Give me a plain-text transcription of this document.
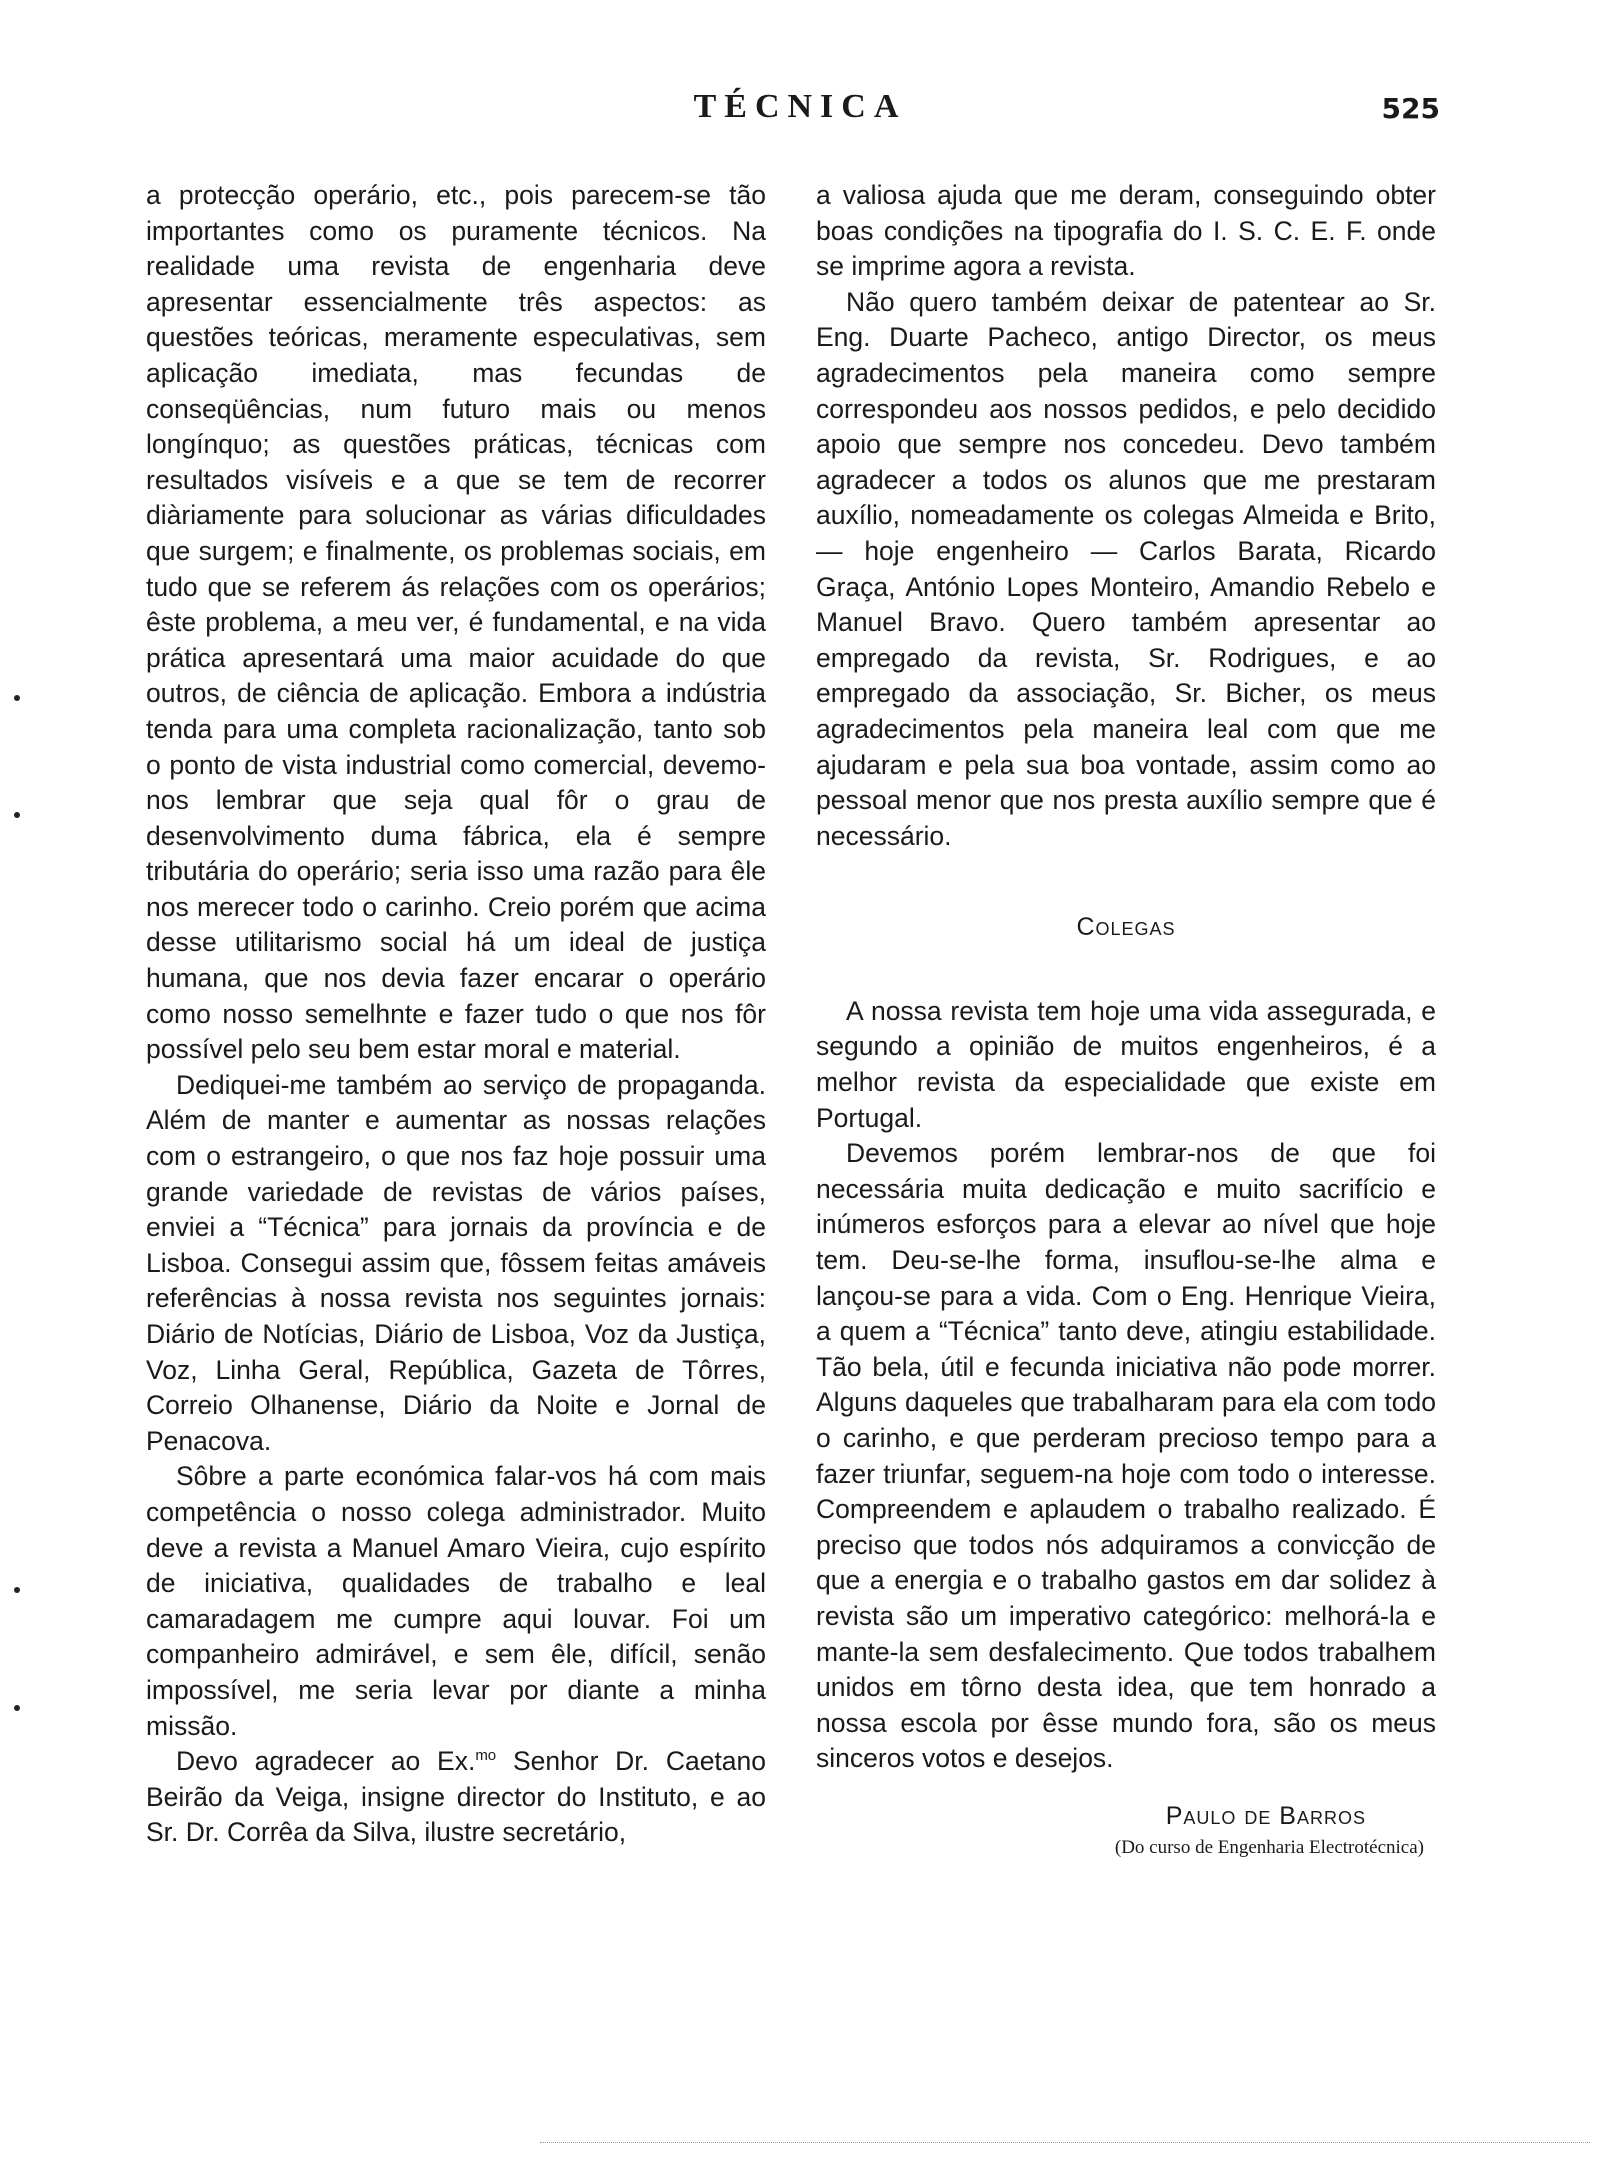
TÉCNICA	525

a protecção operário, etc., pois parecem-se tão importantes como os puramente técnicos. Na realidade uma revista de engenharia deve apresentar essencialmente três aspectos: as questões teóricas, meramente especulativas, sem aplicação imediata, mas fecundas de conseqüências, num futuro mais ou menos longínquo; as questões práticas, técnicas com resultados visíveis e a que se tem de recorrer diàriamente para solucionar as várias dificuldades que surgem; e finalmente, os problemas sociais, em tudo que se referem ás relações com os operários; êste problema, a meu ver, é fundamental, e na vida prática apresentará uma maior acuidade do que outros, de ciência de aplicação. Embora a indústria tenda para uma completa racionalização, tanto sob o ponto de vista industrial como comercial, devemo-nos lembrar que seja qual fôr o grau de desenvolvimento duma fábrica, ela é sempre tributária do operário; seria isso uma razão para êle nos merecer todo o carinho. Creio porém que acima desse utilitarismo social há um ideal de justiça humana, que nos devia fazer encarar o operário como nosso semelhnte e fazer tudo o que nos fôr possível pelo seu bem estar moral e material.

Dediquei-me também ao serviço de propaganda. Além de manter e aumentar as nossas relações com o estrangeiro, o que nos faz hoje possuir uma grande variedade de revistas de vários países, enviei a “Técnica” para jornais da província e de Lisboa. Consegui assim que, fôssem feitas amáveis referências à nossa revista nos seguintes jornais: Diário de Notícias, Diário de Lisboa, Voz da Justiça, Voz, Linha Geral, República, Gazeta de Tôrres, Correio Olhanense, Diário da Noite e Jornal de Penacova.

Sôbre a parte económica falar-vos há com mais competência o nosso colega administrador. Muito deve a revista a Manuel Amaro Vieira, cujo espírito de iniciativa, qualidades de trabalho e leal camaradagem me cumpre aqui louvar. Foi um companheiro admirável, e sem êle, difícil, senão impossível, me seria levar por diante a minha missão.

Devo agradecer ao Ex.$^{mo}$ Senhor Dr. Caetano Beirão da Veiga, insigne director do Instituto, e ao Sr. Dr. Corrêa da Silva, ilustre secretário,

a valiosa ajuda que me deram, conseguindo obter boas condições na tipografia do I. S. C. E. F. onde se imprime agora a revista.

Não quero também deixar de patentear ao Sr. Eng. Duarte Pacheco, antigo Director, os meus agradecimentos pela maneira como sempre correspondeu aos nossos pedidos, e pelo decidido apoio que sempre nos concedeu. Devo também agradecer a todos os alunos que me prestaram auxílio, nomeadamente os colegas Almeida e Brito, — hoje engenheiro — Carlos Barata, Ricardo Graça, António Lopes Monteiro, Amandio Rebelo e Manuel Bravo. Quero também apresentar ao empregado da revista, Sr. Rodrigues, e ao empregado da associação, Sr. Bicher, os meus agradecimentos pela maneira leal com que me ajudaram e pela sua boa vontade, assim como ao pessoal menor que nos presta auxílio sempre que é necessário.

Colegas

A nossa revista tem hoje uma vida assegurada, e segundo a opinião de muitos engenheiros, é a melhor revista da especialidade que existe em Portugal.

Devemos porém lembrar-nos de que foi necessária muita dedicação e muito sacrifício e inúmeros esforços para a elevar ao nível que hoje tem. Deu-se-lhe forma, insuflou-se-lhe alma e lançou-se para a vida. Com o Eng. Henrique Vieira, a quem a “Técnica” tanto deve, atingiu estabilidade. Tão bela, útil e fecunda iniciativa não pode morrer. Alguns daqueles que trabalharam para ela com todo o carinho, e que perderam precioso tempo para a fazer triunfar, seguem-na hoje com todo o interesse. Compreendem e aplaudem o trabalho realizado. É preciso que todos nós adquiramos a convicção de que a energia e o trabalho gastos em dar solidez à revista são um imperativo categórico: melhorá-la e mante-la sem desfalecimento. Que todos trabalhem unidos em tôrno desta idea, que tem honrado a nossa escola por êsse mundo fora, são os meus sinceros votos e desejos.

Paulo de Barros
(Do curso de Engenharia Electrotécnica)
